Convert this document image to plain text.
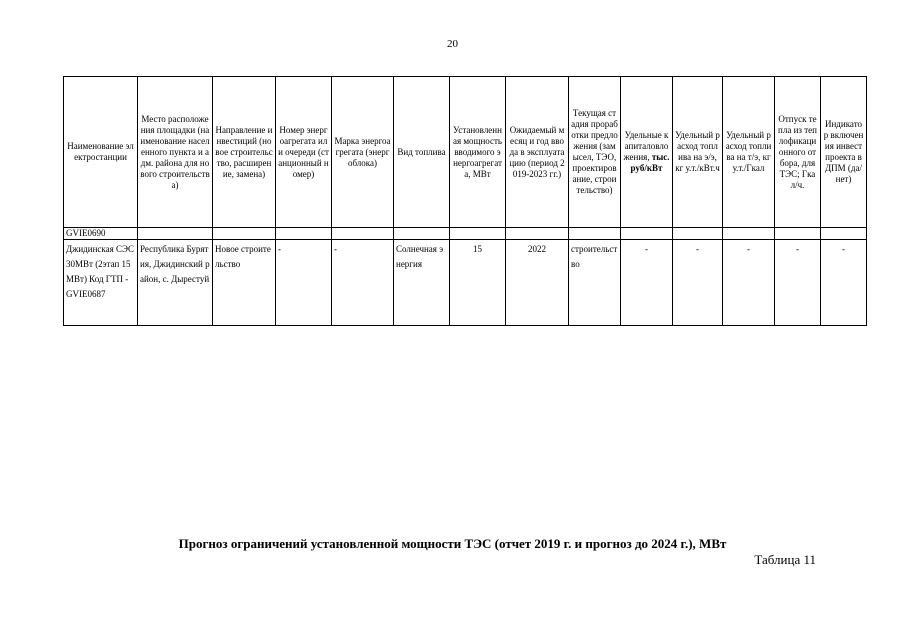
20
Наименование электростанции	Место расположения площадки (наименование населенного пункта и адм. района для нового строительства)	Направление инвестиций (новое строительство, расширение, замена)	Номер энергоагрегата или очереди (станционный номер)	Марка энергоагрегата (энергоблока)	Вид топлива	Установленная мощность вводимого энергоагрегата, МВт	Ожидаемый месяц и год ввода в эксплуатацию (период 2019-2023 гг.)	Текущая стадия проработки предложения (замысел, ТЭО, проектирование, строительство)	Удельные капиталовложения, тыс. руб/кВт	Удельный расход топлива на э/э, кг у.т./кВт.ч	Удельный расход топлива на т/э, кг у.т./Гкал	Отпуск тепла из теплофикационного отбора, для ТЭС; Гкал/ч.	Индикатор включения инвест проекта в ДПМ (да/нет)
GVIE0690													
Джидинская СЭС 30МВт (2этап 15МВт) Код ГТП - GVIE0687	Республика Бурятия, Джидинский район, с. Дырестуй	Новое строительство	-	-	Солнечная энергия	15	2022	строительство	-	-	-	-	-
Прогноз ограничений установленной мощности ТЭС (отчет 2019 г. и прогноз до 2024 г.), МВт
Таблица 11
